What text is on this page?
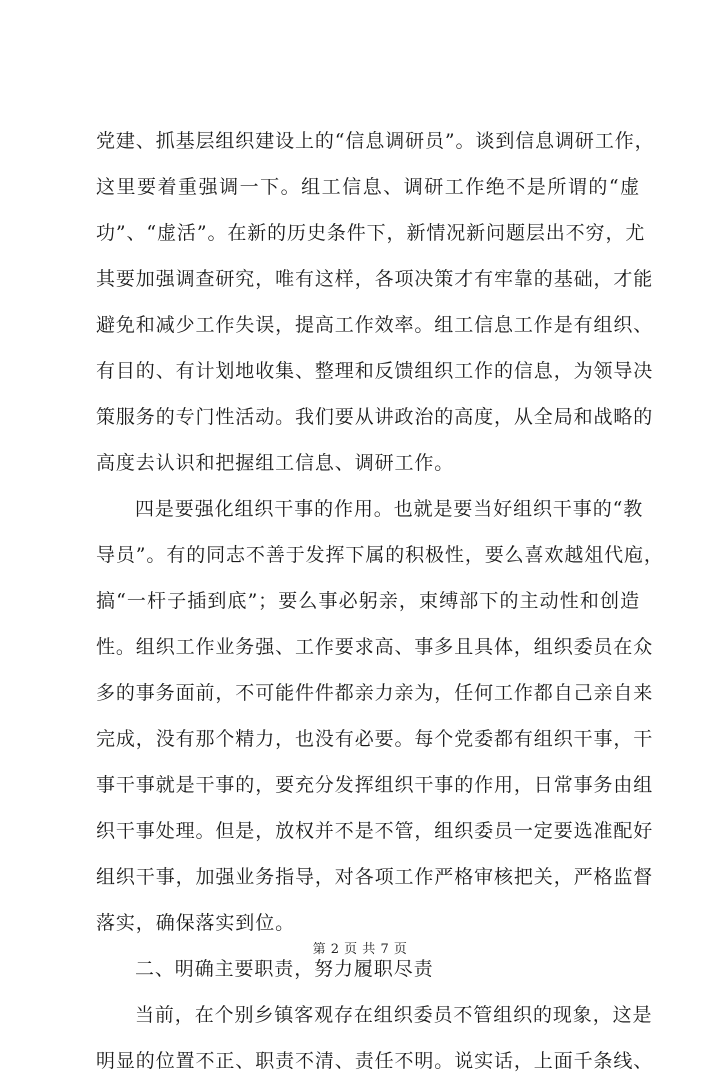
党建、抓基层组织建设上的“信息调研员”。谈到信息调研工作，
这里要着重强调一下。组工信息、调研工作绝不是所谓的“虚
功”、“虚活”。在新的历史条件下，新情况新问题层出不穷，尤
其要加强调查研究，唯有这样，各项决策才有牢靠的基础，才能
避免和减少工作失误，提高工作效率。组工信息工作是有组织、
有目的、有计划地收集、整理和反馈组织工作的信息，为领导决
策服务的专门性活动。我们要从讲政治的高度，从全局和战略的
高度去认识和把握组工信息、调研工作。
四是要强化组织干事的作用。也就是要当好组织干事的“教
导员”。有的同志不善于发挥下属的积极性，要么喜欢越俎代庖，
搞“一杆子插到底”；要么事必躬亲，束缚部下的主动性和创造
性。组织工作业务强、工作要求高、事多且具体，组织委员在众
多的事务面前，不可能件件都亲力亲为，任何工作都自己亲自来
完成，没有那个精力，也没有必要。每个党委都有组织干事，干
事干事就是干事的，要充分发挥组织干事的作用，日常事务由组
织干事处理。但是，放权并不是不管，组织委员一定要选准配好
组织干事，加强业务指导，对各项工作严格审核把关，严格监督
落实，确保落实到位。
二、明确主要职责，努力履职尽责
当前，在个别乡镇客观存在组织委员不管组织的现象，这是
明显的位置不正、职责不清、责任不明。说实话，上面千条线、
第 2 页 共 7 页
